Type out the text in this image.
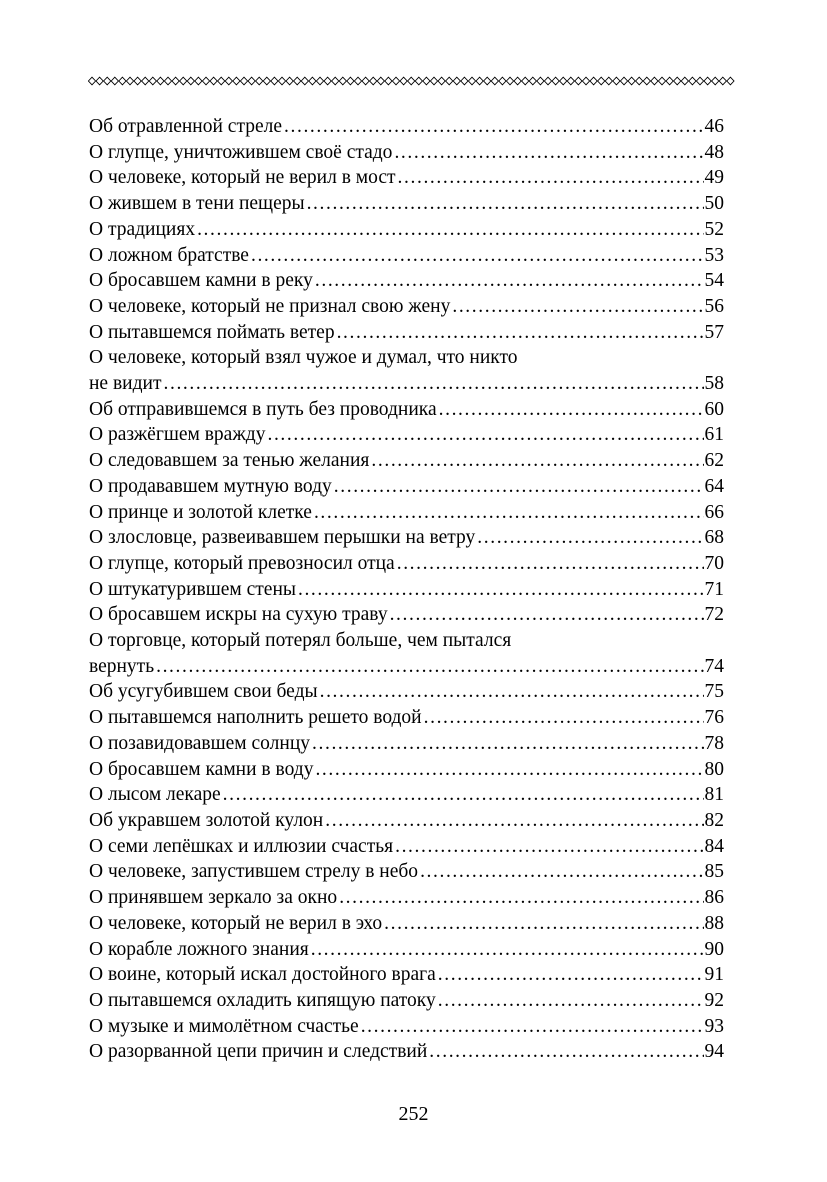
Об отравленной стреле .....	46
О глупце, уничтожившем своё стадо .....	48
О человеке, который не верил в мост .....	49
О жившем в тени пещеры .....	50
О традициях .....	52
О ложном братстве .....	53
О бросавшем камни в реку .....	54
О человеке, который не признал свою жену .....	56
О пытавшемся поймать ветер .....	57
О человеке, который взял чужое и думал, что никто
не видит .....	58
Об отправившемся в путь без проводника .....	60
О разжёгшем вражду .....	61
О следовавшем за тенью желания .....	62
О продававшем мутную воду .....	64
О принце и золотой клетке .....	66
О злословце, развеивавшем перышки на ветру .....	68
О глупце, который превозносил отца .....	70
О штукатурившем стены .....	71
О бросавшем искры на сухую траву .....	72
О торговце, который потерял больше, чем пытался
вернуть .....	74
Об усугубившем свои беды .....	75
О пытавшемся наполнить решето водой .....	76
О позавидовавшем солнцу .....	78
О бросавшем камни в воду .....	80
О лысом лекаре .....	81
Об укравшем золотой кулон .....	82
О семи лепёшках и иллюзии счастья .....	84
О человеке, запустившем стрелу в небо .....	85
О принявшем зеркало за окно .....	86
О человеке, который не верил в эхо .....	88
О корабле ложного знания .....	90
О воине, который искал достойного врага .....	91
О пытавшемся охладить кипящую патоку .....	92
О музыке и мимолётном счастье .....	93
О разорванной цепи причин и следствий .....	94
252
